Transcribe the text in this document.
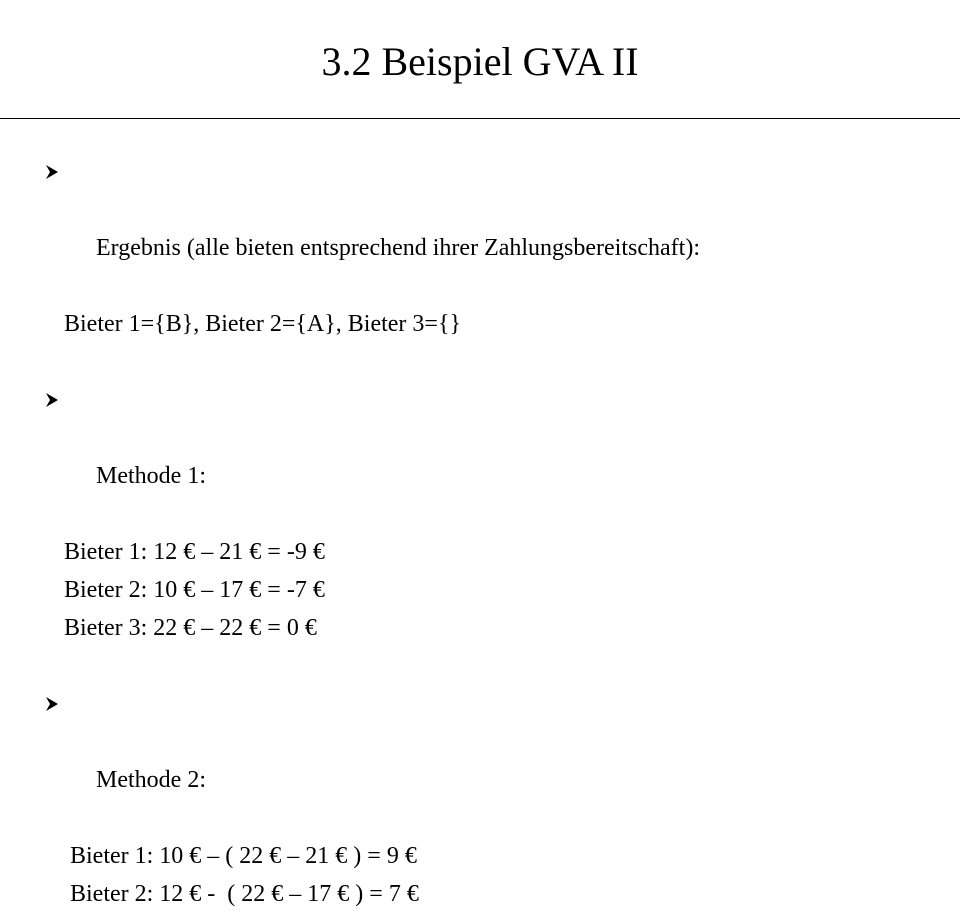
3.2 Beispiel GVA II

Ergebnis (alle bieten entsprechend ihrer Zahlungsbereitschaft):

Bieter 1={B}, Bieter 2={A}, Bieter 3={}

Methode 1:

Bieter 1: 12 € – 21 € = -9 €
Bieter 2: 10 € – 17 € = -7 €
Bieter 3: 22 € – 22 € = 0 €

Methode 2:

Bieter 1: 10 € – ( 22 € – 21 € ) = 9 €
Bieter 2: 12 € -  ( 22 € – 17 € ) = 7 €
